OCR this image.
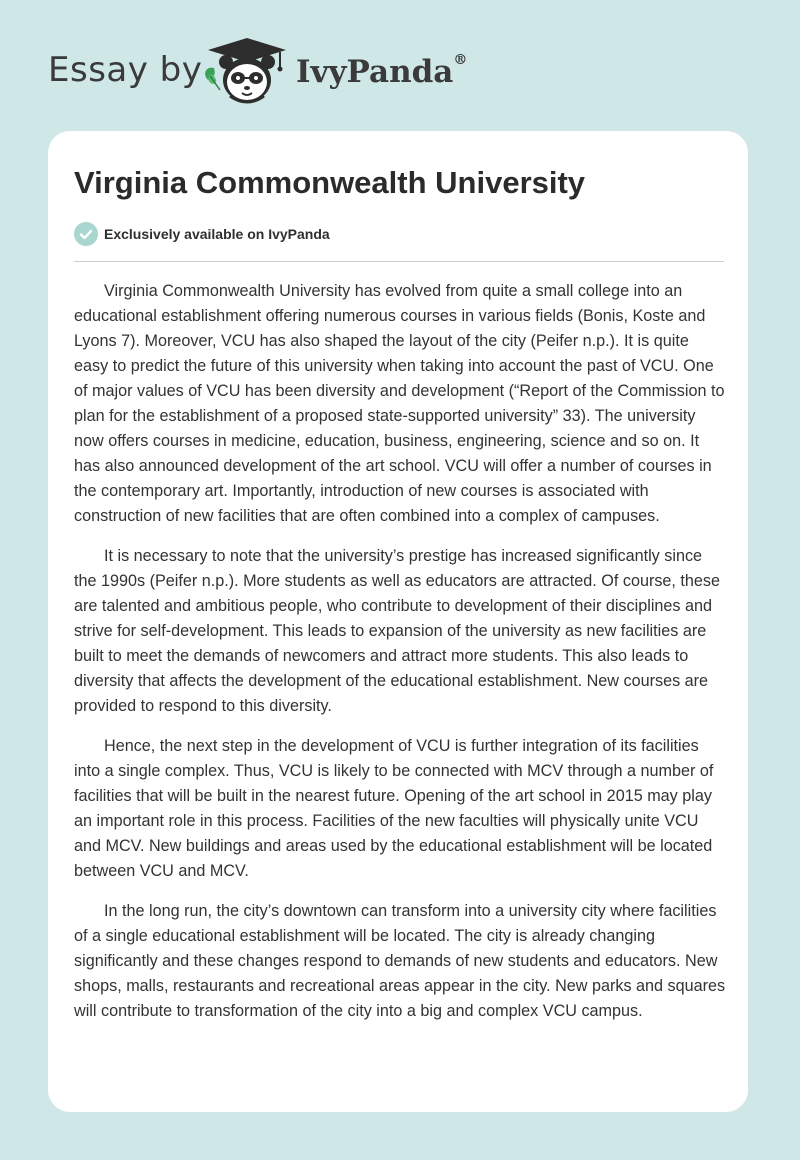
Essay by	IvyPanda®
Virginia Commonwealth University
Exclusively available on IvyPanda

Virginia Commonwealth University has evolved from quite a small college into an educational establishment offering numerous courses in various fields (Bonis, Koste and Lyons 7). Moreover, VCU has also shaped the layout of the city (Peifer n.p.). It is quite easy to predict the future of this university when taking into account the past of VCU. One of major values of VCU has been diversity and development (“Report of the Commission to plan for the establishment of a proposed state-supported university” 33). The university now offers courses in medicine, education, business, engineering, science and so on. It has also announced development of the art school. VCU will offer a number of courses in the contemporary art. Importantly, introduction of new courses is associated with construction of new facilities that are often combined into a complex of campuses.

It is necessary to note that the university’s prestige has increased significantly since the 1990s (Peifer n.p.). More students as well as educators are attracted. Of course, these are talented and ambitious people, who contribute to development of their disciplines and strive for self-development. This leads to expansion of the university as new facilities are built to meet the demands of newcomers and attract more students. This also leads to diversity that affects the development of the educational establishment. New courses are provided to respond to this diversity.

Hence, the next step in the development of VCU is further integration of its facilities into a single complex. Thus, VCU is likely to be connected with MCV through a number of facilities that will be built in the nearest future. Opening of the art school in 2015 may play an important role in this process. Facilities of the new faculties will physically unite VCU and MCV. New buildings and areas used by the educational establishment will be located between VCU and MCV.

In the long run, the city’s downtown can transform into a university city where facilities of a single educational establishment will be located. The city is already changing significantly and these changes respond to demands of new students and educators. New shops, malls, restaurants and recreational areas appear in the city. New parks and squares will contribute to transformation of the city into a big and complex VCU campus.
